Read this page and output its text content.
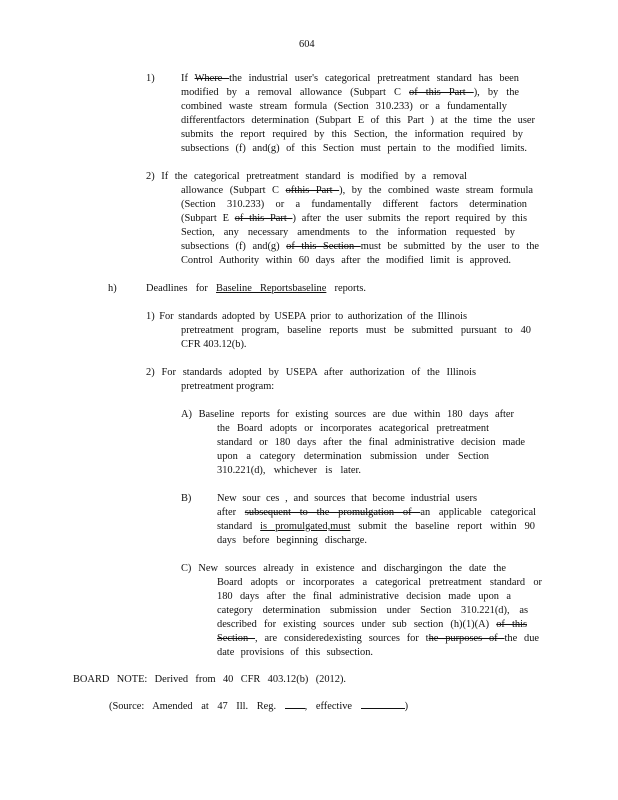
604
1)	If Where the industrial user's categorical pretreatment standard has been
modified by a removal allowance (Subpart C of this Part ), by the
combined waste stream formula (Section 310.233) or a fundamentally
differentfactors determination (Subpart E of this Part ) at the time the user
submits the report required by this Section, the information required by
subsections (f) and(g) of this Section must pertain to the modified limits.
2) If the categorical pretreatment standard is modified by a removal
allowance (Subpart C ofthis Part ), by the combined waste stream formula
(Section 310.233) or a fundamentally different factors determination
(Subpart E of this Part ) after the user submits the report required by this
Section, any necessary amendments to the information requested by
subsections (f) and(g) of this Section must be submitted by the user to the
Control Authority within 60 days after the modified limit is approved.
h)	Deadlines for Baseline Reportsbaseline reports.
1) For standards adopted by USEPA prior to authorization of the Illinois
pretreatment program, baseline reports must be submitted pursuant to 40
CFR 403.12(b).
2) For standards adopted by USEPA after authorization of the Illinois
pretreatment program:
A) Baseline reports for existing sources are due within 180 days after
the Board adopts or incorporates acategorical pretreatment
standard or 180 days after the final administrative decision made
upon a category determination submission under Section
310.221(d), whichever is later.
B) New sour ces , and sources that become industrial users
after subsequent to the promulgation of an applicable categorical
standard is promulgated,must submit the baseline report within 90
days before beginning discharge.
C) New sources already in existence and dischargingon the date the
Board adopts or incorporates a categorical pretreatment standard or
180 days after the final administrative decision made upon a
category determination submission under Section 310.221(d), as
described for existing sources under sub section (h)(1)(A) of this
Section , are consideredexisting sources for the purposes of the due
date provisions of this subsection.
BOARD NOTE: Derived from 40 CFR 403.12(b) (2012).
(Source: Amended at 47 Ill. Reg. , effective	)
